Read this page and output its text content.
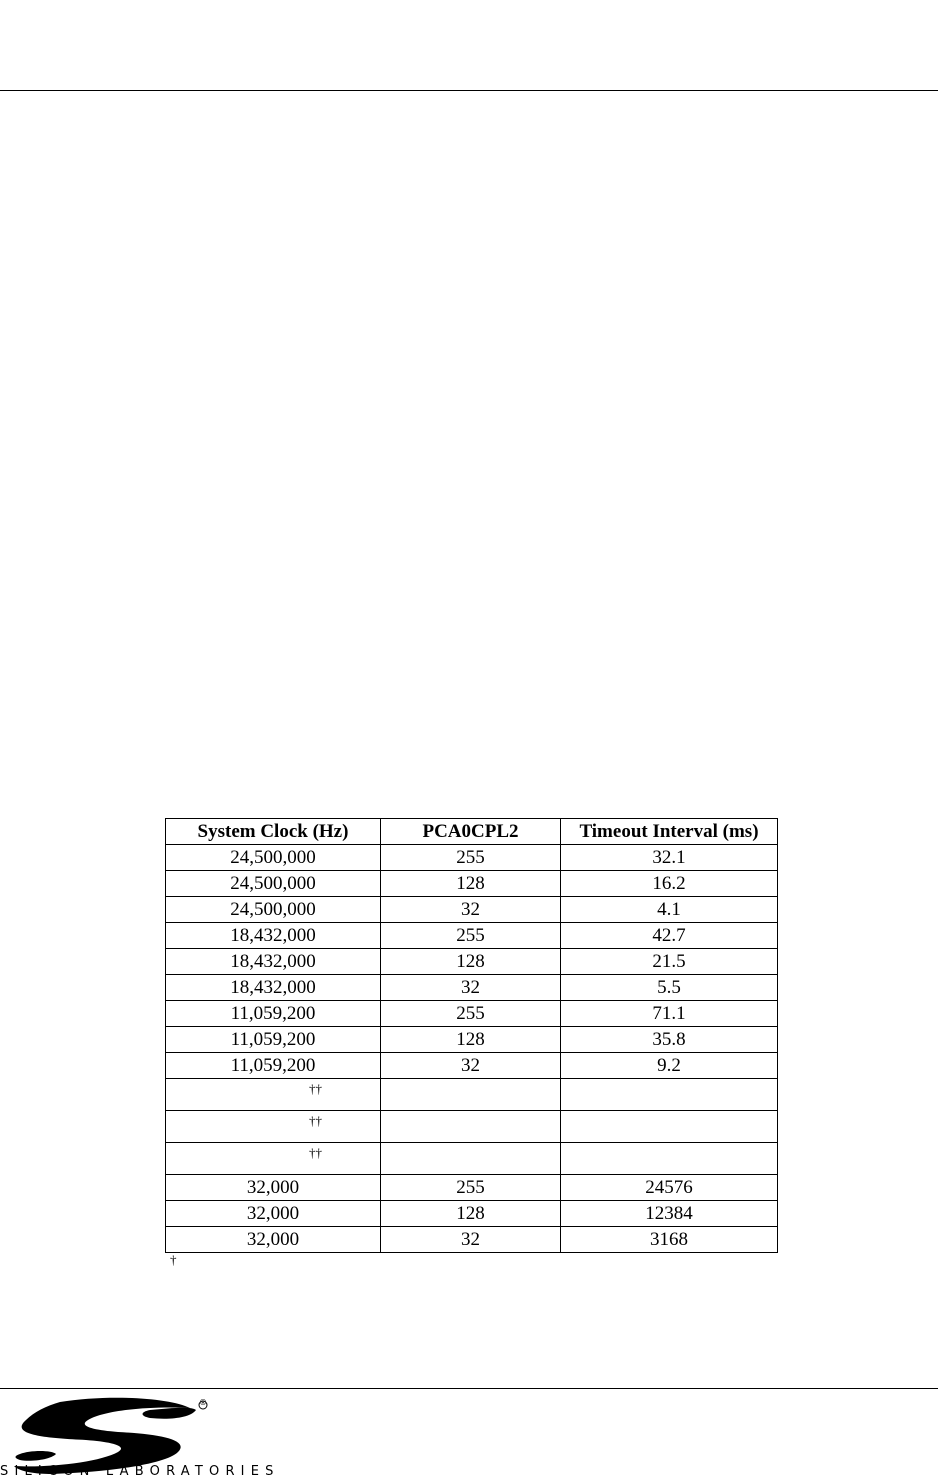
System Clock (Hz)	PCA0CPL2	Timeout Interval (ms)
24,500,000	255	32.1
24,500,000	128	16.2
24,500,000	32	4.1
18,432,000	255	42.7
18,432,000	128	21.5
18,432,000	32	5.5
11,059,200	255	71.1
11,059,200	128	35.8
11,059,200	32	9.2
††		
††		
††		
32,000	255	24576
32,000	128	12384
32,000	32	3168
†
®
SILICON LABORATORIES
